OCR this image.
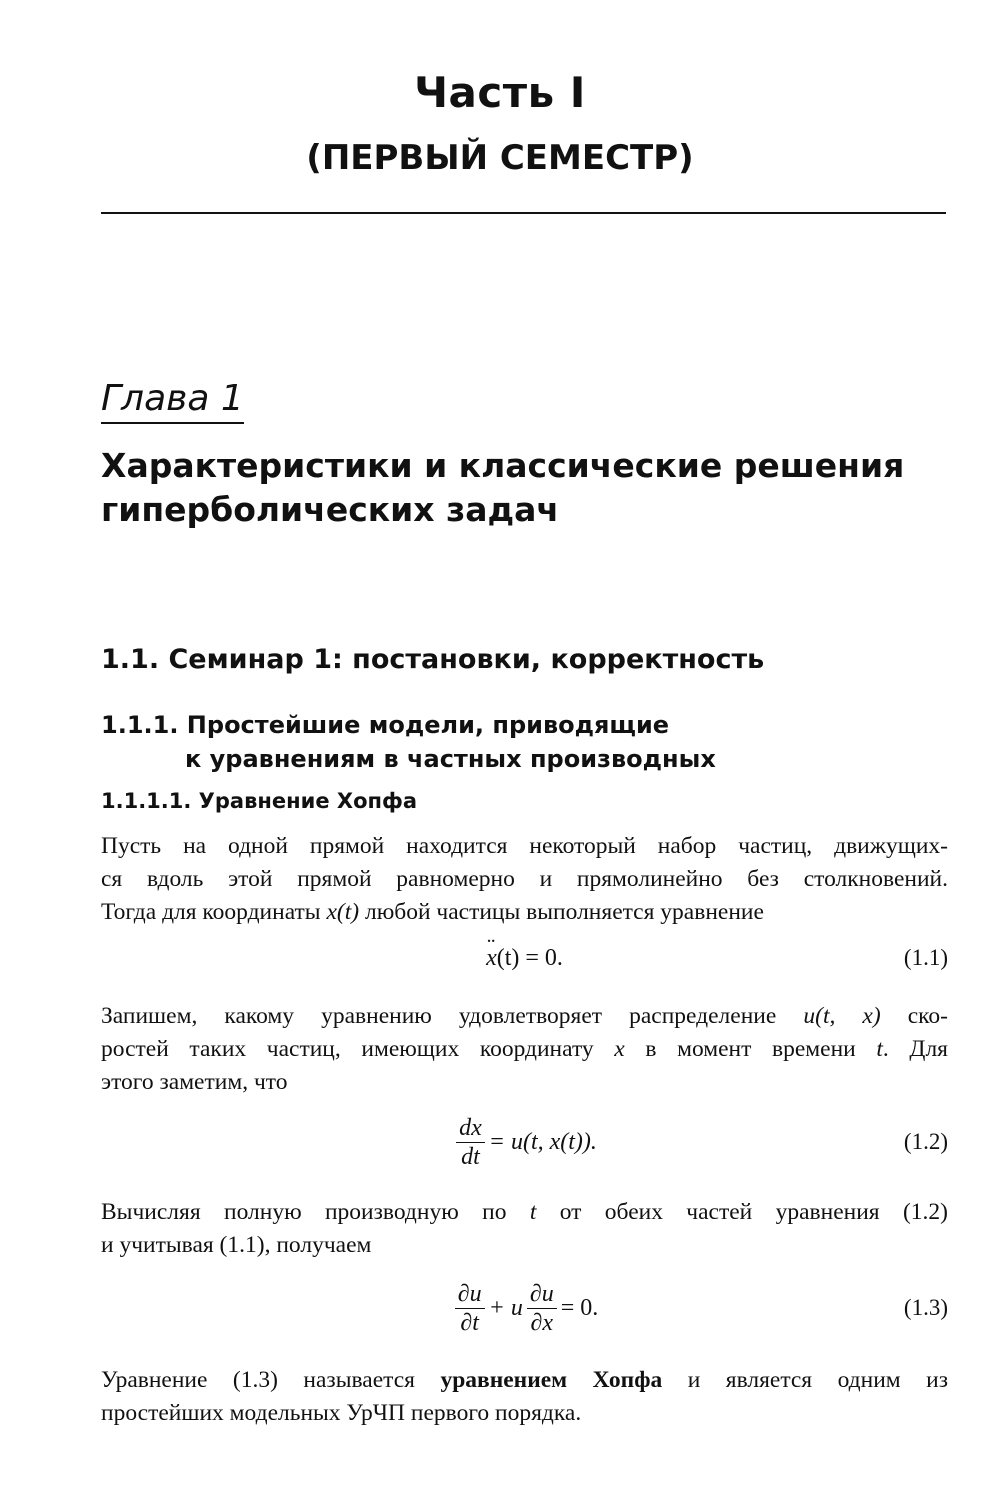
Часть I
(ПЕРВЫЙ СЕМЕСТР)
Глава 1
Характеристики и классические решения
гиперболических задач
1.1. Семинар 1: постановки, корректность
1.1.1. Простейшие модели, приводящие
к уравнениям в частных производных
1.1.1.1. Уравнение Хопфа

Пусть на одной прямой находится некоторый набор частиц, движущих-
ся вдоль этой прямой равномерно и прямолинейно без столкновений.
Тогда для координаты x(t) любой частицы выполняется уравнение

¨ x (t) = 0.	(1.1)

Запишем, какому уравнению удовлетворяет распределение u(t, x) ско-
ростей таких частиц, имеющих координату x в момент времени t. Для
этого заметим, что

$\frac{dx}{dt} = u(t$, x(t)).	(1.2)

Вычисляя полную производную по t от обеих частей уравнения (1.2)
и учитывая (1.1), получаем

$\frac{\partial u}{\partial t} + u \frac{\partial u}{\partial x} = 0$.	(1.3)

Уравнение (1.3) называется уравнением Хопфа и является одним из
простейших модельных УрЧП первого порядка.
